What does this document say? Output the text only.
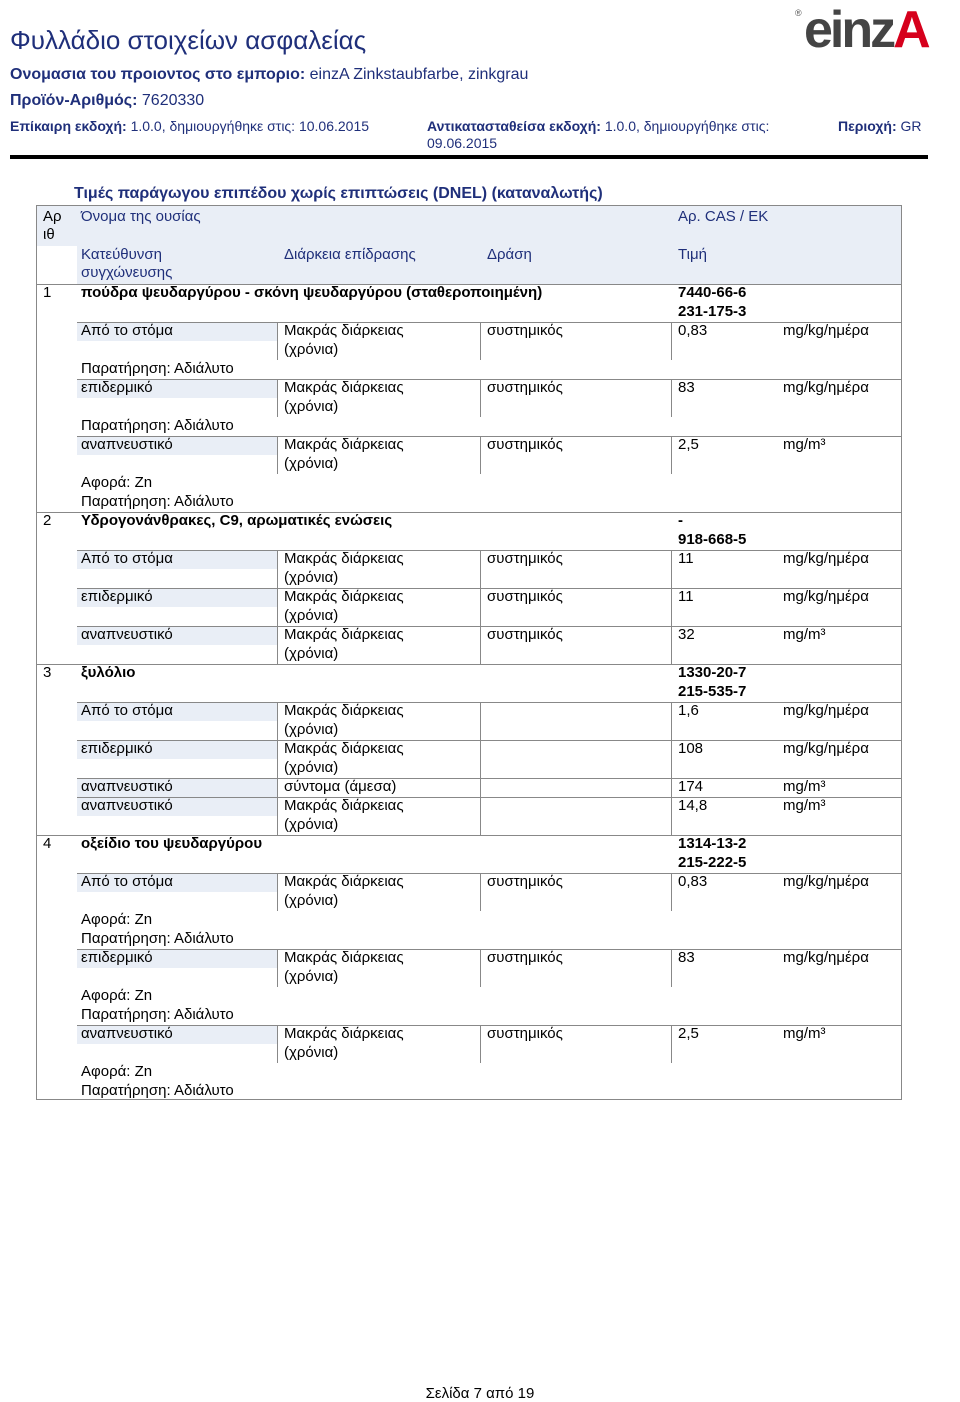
Φυλλάδιο στοιχείων ασφαλείας
Ονομασια του προιοντος στο εμποριο: einzA Zinkstaubfarbe, zinkgrau
Προϊόν-Αριθμός: 7620330
Επίκαιρη εκδοχή: 1.0.0, δημιουργήθηκε στις: 10.06.2015	Αντικατασταθείσα εκδοχή: 1.0.0, δημιουργήθηκε στις:
09.06.2015
Περιοχή: GR
® einzA
Τιμές παράγωγου επιπέδου χωρίς επιπτώσεις (DNEL) (καταναλωτής)
Αρ
ιθ
Όνομα της ουσίας	Αρ. CAS / ΕΚ
Κατεύθυνση
συγχώνευσης
Διάρκεια επίδρασης	Δράση	Τιμή
1 πούδρα ψευδαργύρου - σκόνη ψευδαργύρου (σταθεροποιημένη)	7440-66-6
231-175-3
Από το στόμα	Μακράς διάρκειας
(χρόνια)
συστημικός	0,83	mg/kg/ημέρα
Παρατήρηση: Αδιάλυτο
επιδερμικό	Μακράς διάρκειας
(χρόνια)
συστημικός	83	mg/kg/ημέρα
Παρατήρηση: Αδιάλυτο
αναπνευστικό	Μακράς διάρκειας
(χρόνια)
συστημικός	2,5	mg/m³
Αφορά: Zn
Παρατήρηση: Αδιάλυτο
2 Υδρογονάνθρακες, C9, αρωματικές ενώσεις	-
918-668-5
Από το στόμα	Μακράς διάρκειας
(χρόνια)
συστημικός	11	mg/kg/ημέρα
επιδερμικό	Μακράς διάρκειας
(χρόνια)
συστημικός	11	mg/kg/ημέρα
αναπνευστικό	Μακράς διάρκειας
(χρόνια)
συστημικός	32	mg/m³
3 ξυλόλιο	1330-20-7
215-535-7
Από το στόμα	Μακράς διάρκειας
(χρόνια)
1,6	mg/kg/ημέρα
επιδερμικό	Μακράς διάρκειας
(χρόνια)
108	mg/kg/ημέρα
αναπνευστικό	σύντομα (άμεσα)	174	mg/m³
αναπνευστικό	Μακράς διάρκειας
(χρόνια)
14,8	mg/m³
4 οξείδιο του ψευδαργύρου	1314-13-2
215-222-5
Από το στόμα	Μακράς διάρκειας
(χρόνια)
συστημικός	0,83	mg/kg/ημέρα
Αφορά: Zn
Παρατήρηση: Αδιάλυτο
επιδερμικό	Μακράς διάρκειας
(χρόνια)
συστημικός	83	mg/kg/ημέρα
Αφορά: Zn
Παρατήρηση: Αδιάλυτο
αναπνευστικό	Μακράς διάρκειας
(χρόνια)
συστημικός	2,5	mg/m³
Αφορά: Zn
Παρατήρηση: Αδιάλυτο
Σελίδα 7 από 19
